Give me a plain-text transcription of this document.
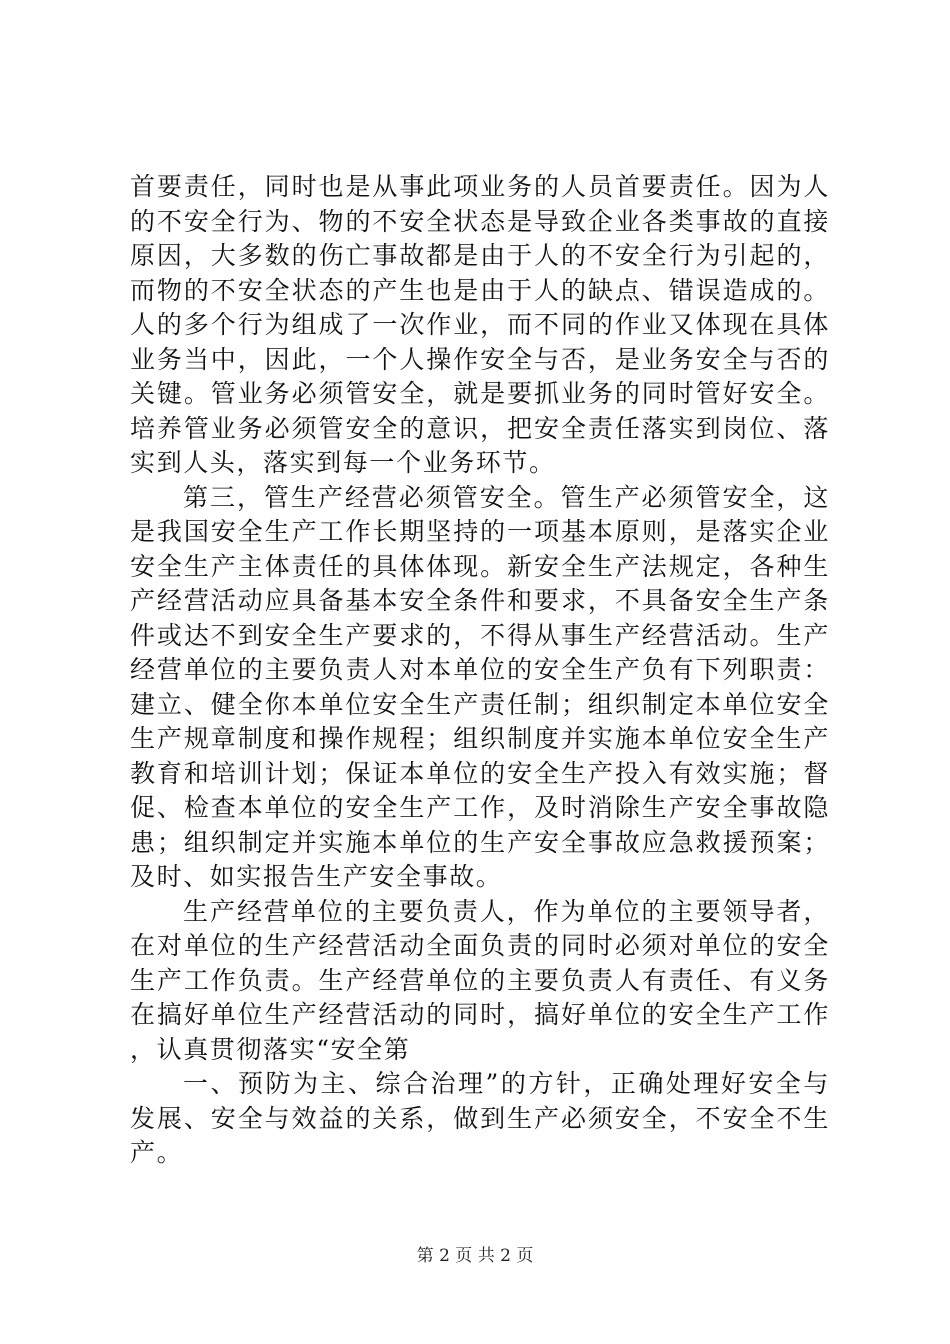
首要责任，同时也是从事此项业务的人员首要责任。因为人的不安全行为、物的不安全状态是导致企业各类事故的直接原因，大多数的伤亡事故都是由于人的不安全行为引起的，而物的不安全状态的产生也是由于人的缺点、错误造成的。人的多个行为组成了一次作业，而不同的作业又体现在具体业务当中，因此，一个人操作安全与否，是业务安全与否的关键。管业务必须管安全，就是要抓业务的同时管好安全。培养管业务必须管安全的意识，把安全责任落实到岗位、落实到人头，落实到每一个业务环节。

第三，管生产经营必须管安全。管生产必须管安全，这是我国安全生产工作长期坚持的一项基本原则，是落实企业安全生产主体责任的具体体现。新安全生产法规定，各种生产经营活动应具备基本安全条件和要求，不具备安全生产条件或达不到安全生产要求的，不得从事生产经营活动。生产经营单位的主要负责人对本单位的安全生产负有下列职责：建立、健全你本单位安全生产责任制；组织制定本单位安全生产规章制度和操作规程；组织制度并实施本单位安全生产教育和培训计划；保证本单位的安全生产投入有效实施；督促、检查本单位的安全生产工作，及时消除生产安全事故隐患；组织制定并实施本单位的生产安全事故应急救援预案；及时、如实报告生产安全事故。

生产经营单位的主要负责人，作为单位的主要领导者，在对单位的生产经营活动全面负责的同时必须对单位的安全生产工作负责。生产经营单位的主要负责人有责任、有义务在搞好单位生产经营活动的同时，搞好单位的安全生产工作，认真贯彻落实“安全第

一、预防为主、综合治理”的方针，正确处理好安全与发展、安全与效益的关系，做到生产必须安全，不安全不生产。

第 2 页 共 2 页
